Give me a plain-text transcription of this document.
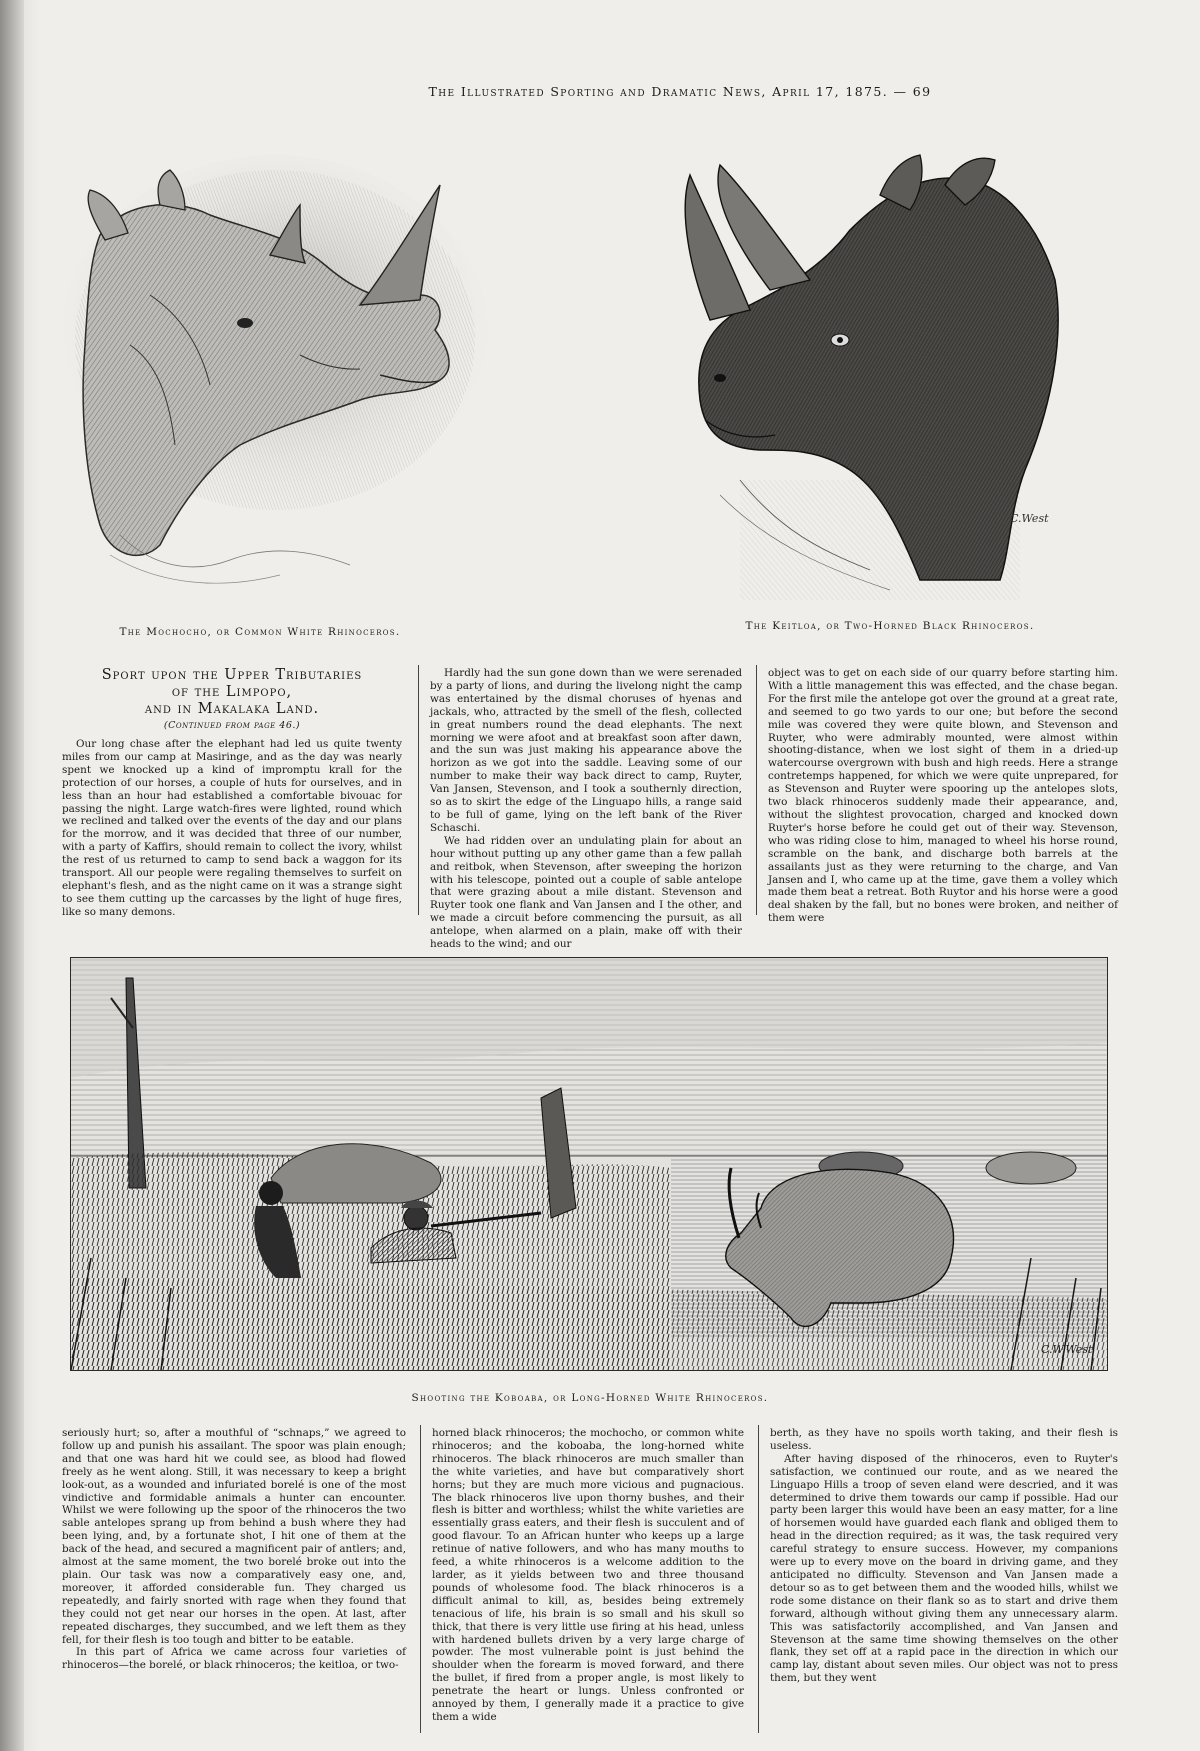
The Illustrated Sporting and Dramatic News, April 17, 1875. — 69
C.West
The Mochocho, or Common White Rhinoceros.	The Keitloa, or Two-Horned Black Rhinoceros.
Sport upon the Upper Tributaries
of the Limpopo,
and in Makalaka Land.
(Continued from page 46.)

Our long chase after the elephant had led us quite twenty miles from our camp at Masiringe, and as the day was nearly spent we knocked up a kind of impromptu krall for the protection of our horses, a couple of huts for ourselves, and in less than an hour had established a comfortable bivouac for passing the night. Large watch-fires were lighted, round which we reclined and talked over the events of the day and our plans for the morrow, and it was decided that three of our number, with a party of Kaffirs, should remain to collect the ivory, whilst the rest of us returned to camp to send back a waggon for its transport. All our people were regaling themselves to surfeit on elephant's flesh, and as the night came on it was a strange sight to see them cutting up the carcasses by the light of huge fires, like so many demons.

Hardly had the sun gone down than we were serenaded by a party of lions, and during the livelong night the camp was entertained by the dismal choruses of hyenas and jackals, who, attracted by the smell of the flesh, collected in great numbers round the dead elephants. The next morning we were afoot and at breakfast soon after dawn, and the sun was just making his appearance above the horizon as we got into the saddle. Leaving some of our number to make their way back direct to camp, Ruyter, Van Jansen, Stevenson, and I took a southernly direction, so as to skirt the edge of the Linguapo hills, a range said to be full of game, lying on the left bank of the River Schaschi.

We had ridden over an undulating plain for about an hour without putting up any other game than a few pallah and reitbok, when Stevenson, after sweeping the horizon with his telescope, pointed out a couple of sable antelope that were grazing about a mile distant. Stevenson and Ruyter took one flank and Van Jansen and I the other, and we made a circuit before commencing the pursuit, as all antelope, when alarmed on a plain, make off with their heads to the wind; and our

object was to get on each side of our quarry before starting him. With a little management this was effected, and the chase began. For the first mile the antelope got over the ground at a great rate, and seemed to go two yards to our one; but before the second mile was covered they were quite blown, and Stevenson and Ruyter, who were admirably mounted, were almost within shooting-distance, when we lost sight of them in a dried-up watercourse overgrown with bush and high reeds. Here a strange contretemps happened, for which we were quite unprepared, for as Stevenson and Ruyter were spooring up the antelopes slots, two black rhinoceros suddenly made their appearance, and, without the slightest provocation, charged and knocked down Ruyter's horse before he could get out of their way. Stevenson, who was riding close to him, managed to wheel his horse round, scramble on the bank, and discharge both barrels at the assailants just as they were returning to the charge, and Van Jansen and I, who came up at the time, gave them a volley which made them beat a retreat. Both Ruytor and his horse were a good deal shaken by the fall, but no bones were broken, and neither of them were

C.W.West
Shooting the Koboaba, or Long-Horned White Rhinoceros.

seriously hurt; so, after a mouthful of “schnaps,” we agreed to follow up and punish his assailant. The spoor was plain enough; and that one was hard hit we could see, as blood had flowed freely as he went along. Still, it was necessary to keep a bright look-out, as a wounded and infuriated borelé is one of the most vindictive and formidable animals a hunter can encounter. Whilst we were following up the spoor of the rhinoceros the two sable antelopes sprang up from behind a bush where they had been lying, and, by a fortunate shot, I hit one of them at the back of the head, and secured a magnificent pair of antlers; and, almost at the same moment, the two borelé broke out into the plain. Our task was now a comparatively easy one, and, moreover, it afforded considerable fun. They charged us repeatedly, and fairly snorted with rage when they found that they could not get near our horses in the open. At last, after repeated discharges, they succumbed, and we left them as they fell, for their flesh is too tough and bitter to be eatable.

In this part of Africa we came across four varieties of rhinoceros—the borelé, or black rhinoceros; the keitloa, or two-

horned black rhinoceros; the mochocho, or common white rhinoceros; and the koboaba, the long-horned white rhinoceros. The black rhinoceros are much smaller than the white varieties, and have but comparatively short horns; but they are much more vicious and pugnacious. The black rhinoceros live upon thorny bushes, and their flesh is bitter and worthless; whilst the white varieties are essentially grass eaters, and their flesh is succulent and of good flavour. To an African hunter who keeps up a large retinue of native followers, and who has many mouths to feed, a white rhinoceros is a welcome addition to the larder, as it yields between two and three thousand pounds of wholesome food. The black rhinoceros is a difficult animal to kill, as, besides being extremely tenacious of life, his brain is so small and his skull so thick, that there is very little use firing at his head, unless with hardened bullets driven by a very large charge of powder. The most vulnerable point is just behind the shoulder when the forearm is moved forward, and there the bullet, if fired from a proper angle, is most likely to penetrate the heart or lungs. Unless confronted or annoyed by them, I generally made it a practice to give them a wide

berth, as they have no spoils worth taking, and their flesh is useless.

After having disposed of the rhinoceros, even to Ruyter's satisfaction, we continued our route, and as we neared the Linguapo Hills a troop of seven eland were descried, and it was determined to drive them towards our camp if possible. Had our party been larger this would have been an easy matter, for a line of horsemen would have guarded each flank and obliged them to head in the direction required; as it was, the task required very careful strategy to ensure success. However, my companions were up to every move on the board in driving game, and they anticipated no difficulty. Stevenson and Van Jansen made a detour so as to get between them and the wooded hills, whilst we rode some distance on their flank so as to start and drive them forward, although without giving them any unnecessary alarm. This was satisfactorily accomplished, and Van Jansen and Stevenson at the same time showing themselves on the other flank, they set off at a rapid pace in the direction in which our camp lay, distant about seven miles. Our object was not to press them, but they went
